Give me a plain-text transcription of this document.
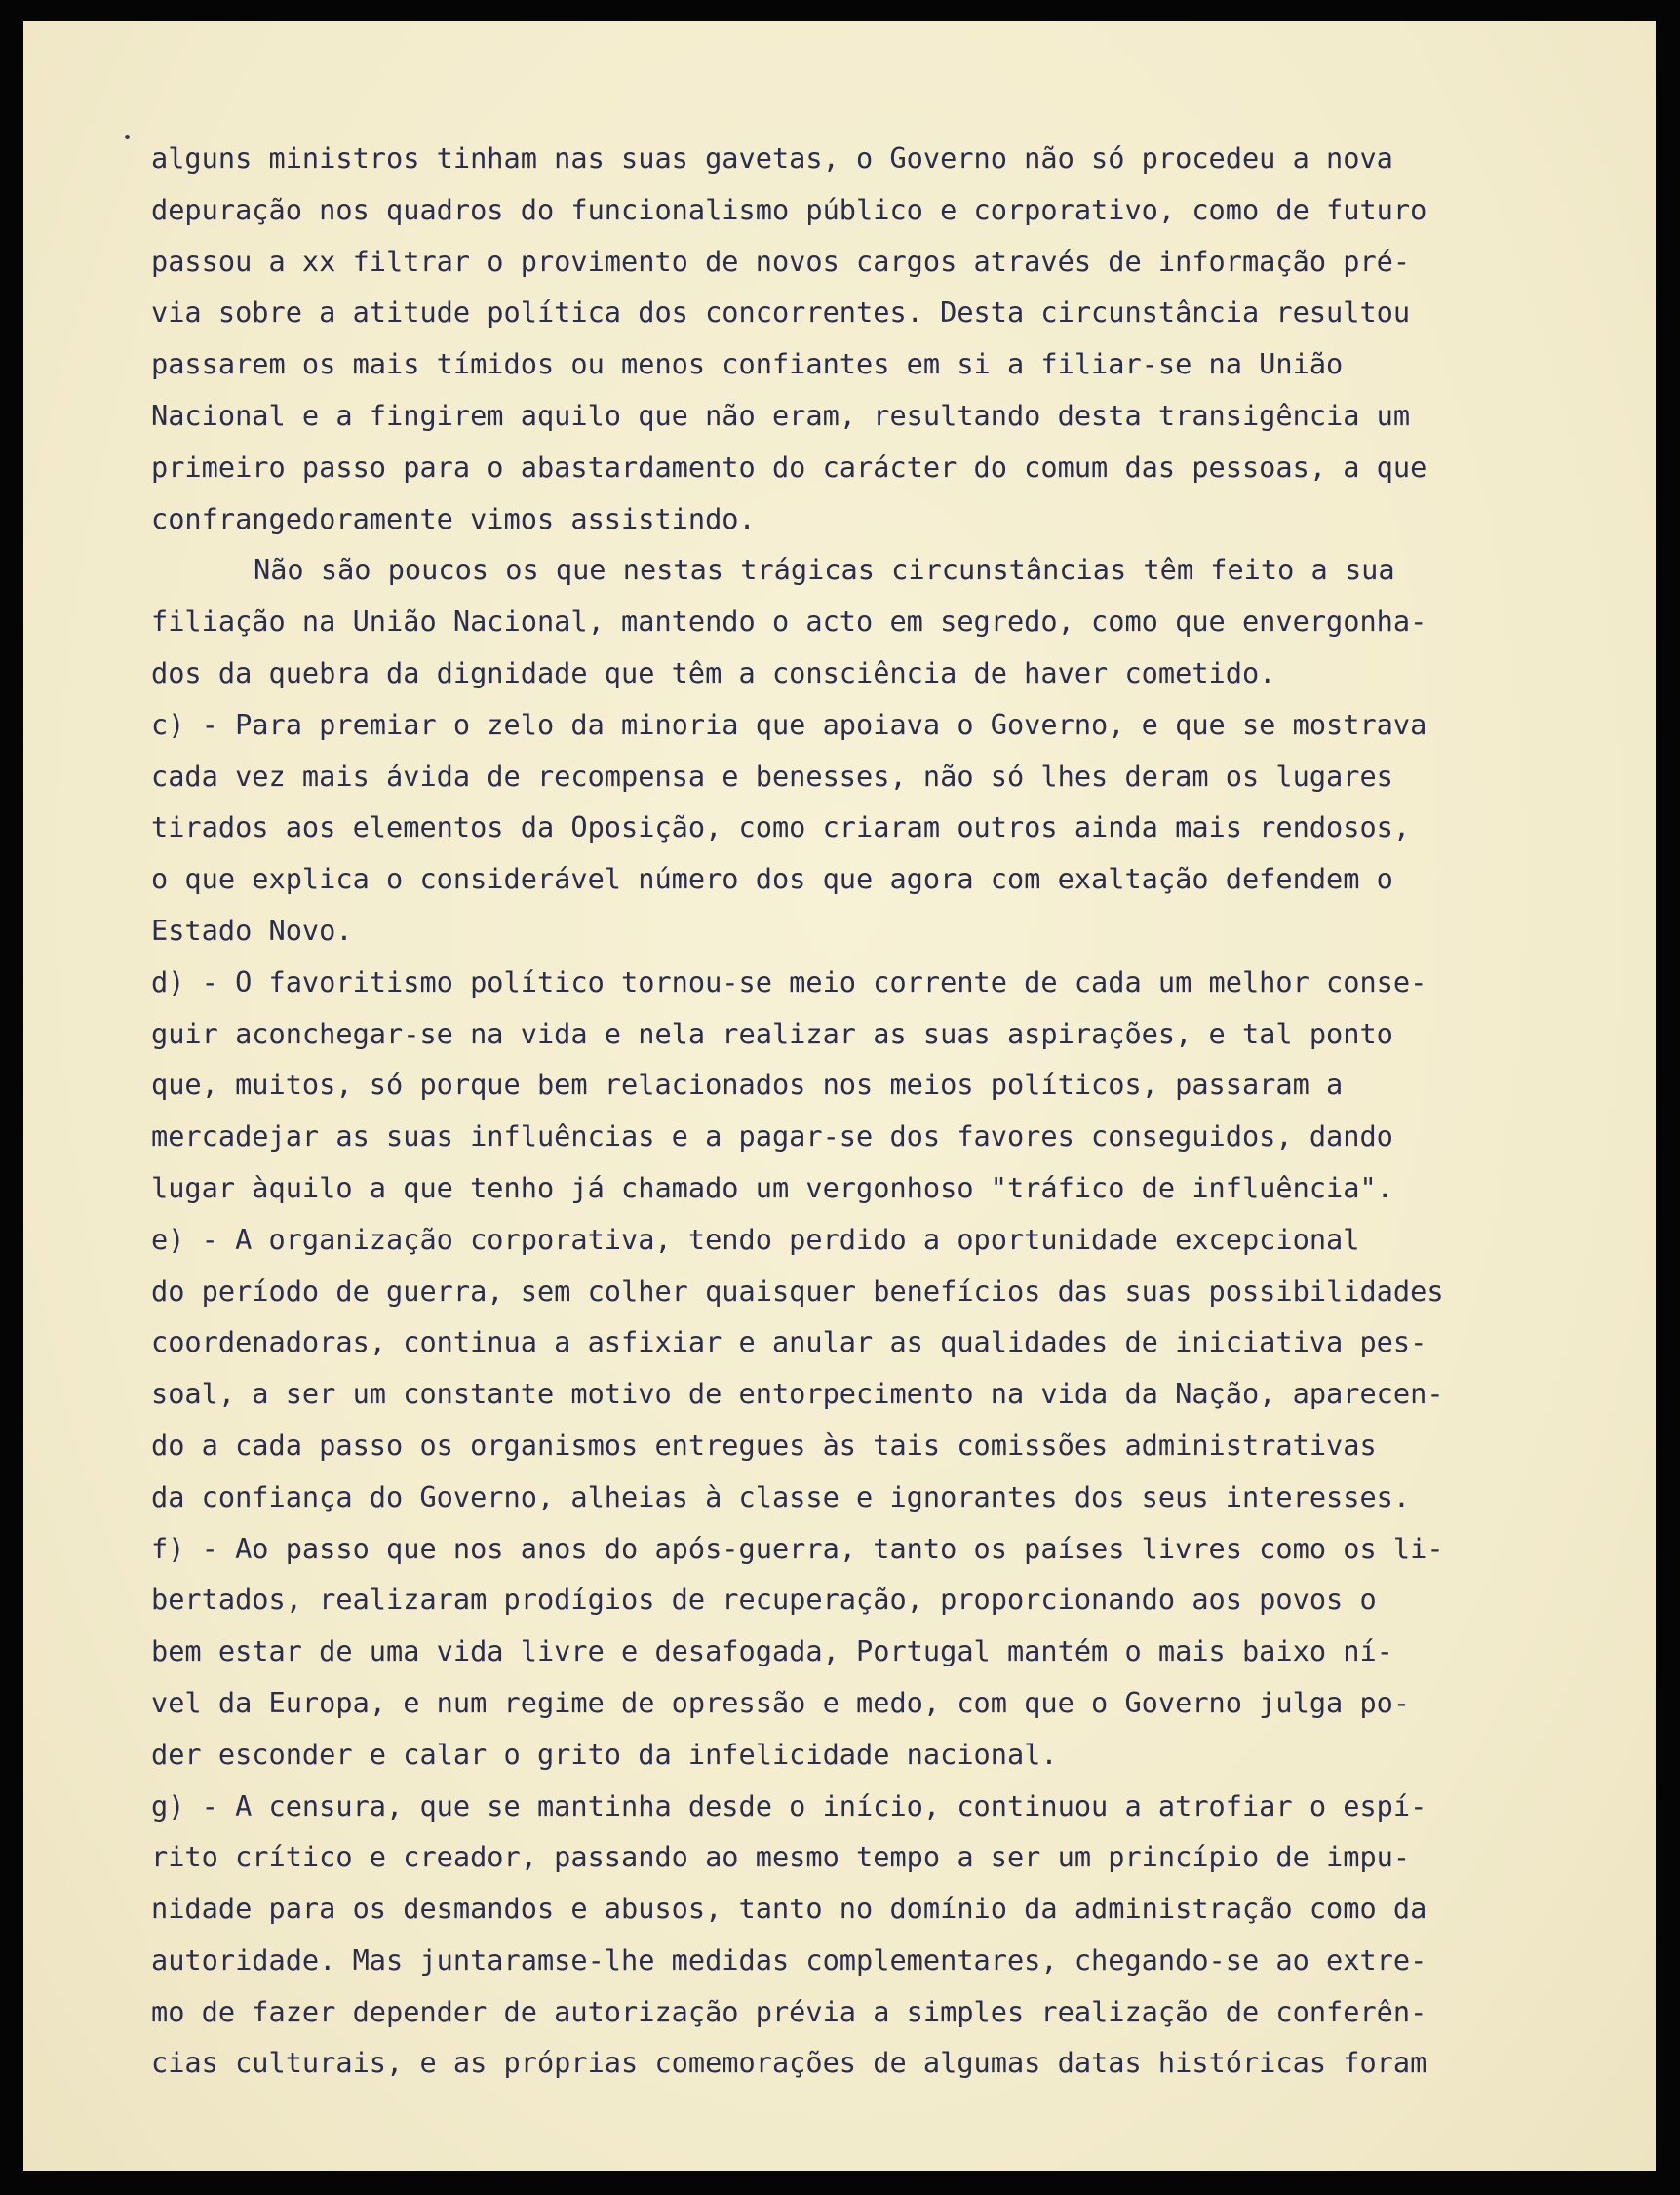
alguns ministros tinham nas suas gavetas, o Governo não só procedeu a nova
depuração nos quadros do funcionalismo público e corporativo, como de futuro
passou a xx filtrar o provimento de novos cargos através de informação pré-
via sobre a atitude política dos concorrentes. Desta circunstância resultou
passarem os mais tímidos ou menos confiantes em si a filiar-se na União
Nacional e a fingirem aquilo que não eram, resultando desta transigência um
primeiro passo para o abastardamento do carácter do comum das pessoas, a que
confrangedoramente vimos assistindo.
Não são poucos os que nestas trágicas circunstâncias têm feito a sua
filiação na União Nacional, mantendo o acto em segredo, como que envergonha-
dos da quebra da dignidade que têm a consciência de haver cometido.
c) - Para premiar o zelo da minoria que apoiava o Governo, e que se mostrava
cada vez mais ávida de recompensa e benesses, não só lhes deram os lugares
tirados aos elementos da Oposição, como criaram outros ainda mais rendosos,
o que explica o considerável número dos que agora com exaltação defendem o
Estado Novo.
d) - O favoritismo político tornou-se meio corrente de cada um melhor conse-
guir aconchegar-se na vida e nela realizar as suas aspirações, e tal ponto
que, muitos, só porque bem relacionados nos meios políticos, passaram a
mercadejar as suas influências e a pagar-se dos favores conseguidos, dando
lugar àquilo a que tenho já chamado um vergonhoso "tráfico de influência".
e) - A organização corporativa, tendo perdido a oportunidade excepcional
do período de guerra, sem colher quaisquer benefícios das suas possibilidades
coordenadoras, continua a asfixiar e anular as qualidades de iniciativa pes-
soal, a ser um constante motivo de entorpecimento na vida da Nação, aparecen-
do a cada passo os organismos entregues às tais comissões administrativas
da confiança do Governo, alheias à classe e ignorantes dos seus interesses.
f) - Ao passo que nos anos do após-guerra, tanto os países livres como os li-
bertados, realizaram prodígios de recuperação, proporcionando aos povos o
bem estar de uma vida livre e desafogada, Portugal mantém o mais baixo ní-
vel da Europa, e num regime de opressão e medo, com que o Governo julga po-
der esconder e calar o grito da infelicidade nacional.
g) - A censura, que se mantinha desde o início, continuou a atrofiar o espí-
rito crítico e creador, passando ao mesmo tempo a ser um princípio de impu-
nidade para os desmandos e abusos, tanto no domínio da administração como da
autoridade. Mas juntaramse-lhe medidas complementares, chegando-se ao extre-
mo de fazer depender de autorização prévia a simples realização de conferên-
cias culturais, e as próprias comemorações de algumas datas históricas foram
